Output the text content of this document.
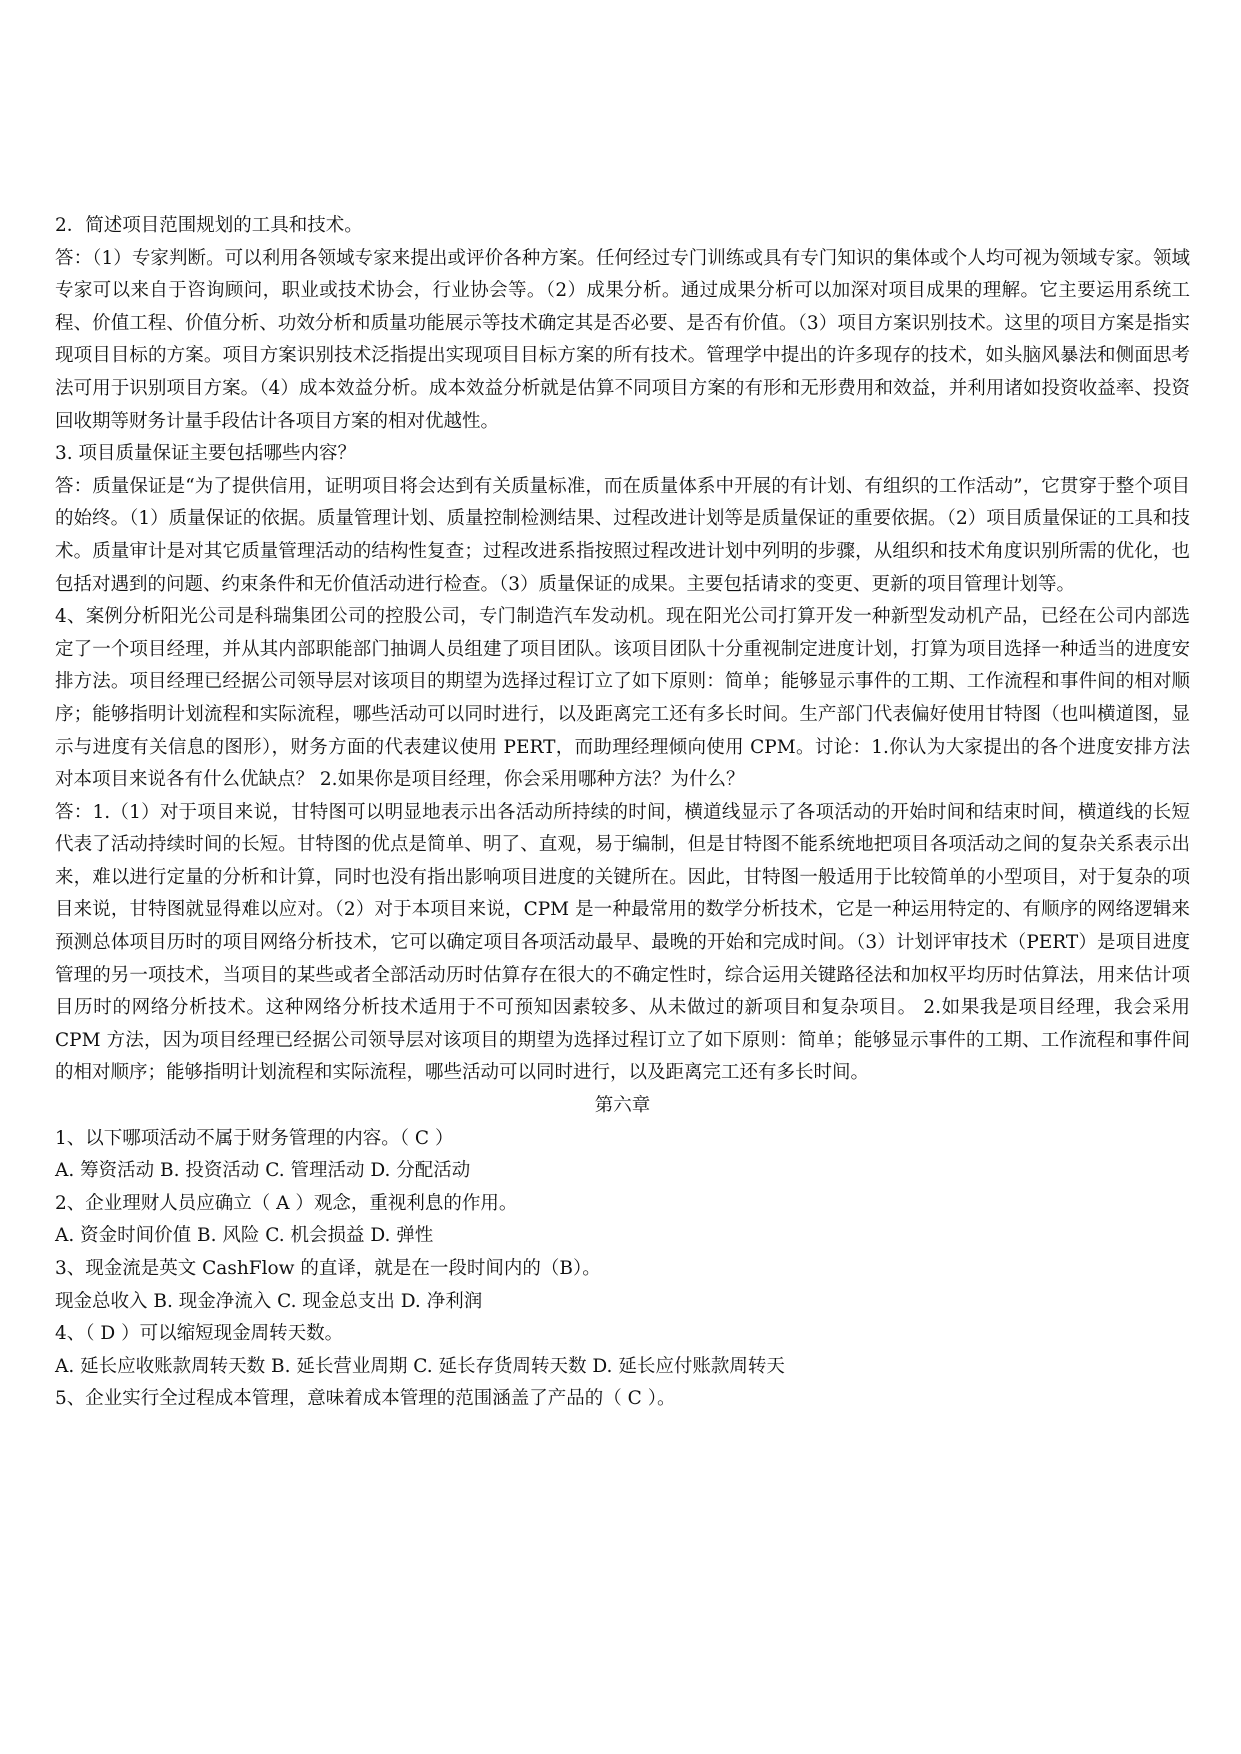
2．简述项目范围规划的工具和技术。

答：（1）专家判断。可以利用各领域专家来提出或评价各种方案。任何经过专门训练或具有专门知识的集体或个人均可视为领域专家。领域专家可以来自于咨询顾问，职业或技术协会，行业协会等。（2）成果分析。通过成果分析可以加深对项目成果的理解。它主要运用系统工程、价值工程、价值分析、功效分析和质量功能展示等技术确定其是否必要、是否有价值。（3）项目方案识别技术。这里的项目方案是指实现项目目标的方案。项目方案识别技术泛指提出实现项目目标方案的所有技术。管理学中提出的许多现存的技术，如头脑风暴法和侧面思考法可用于识别项目方案。（4）成本效益分析。成本效益分析就是估算不同项目方案的有形和无形费用和效益，并利用诸如投资收益率、投资回收期等财务计量手段估计各项目方案的相对优越性。

3. 项目质量保证主要包括哪些内容？

答：质量保证是“为了提供信用，证明项目将会达到有关质量标准，而在质量体系中开展的有计划、有组织的工作活动”，它贯穿于整个项目的始终。（1）质量保证的依据。质量管理计划、质量控制检测结果、过程改进计划等是质量保证的重要依据。（2）项目质量保证的工具和技术。质量审计是对其它质量管理活动的结构性复查；过程改进系指按照过程改进计划中列明的步骤，从组织和技术角度识别所需的优化，也包括对遇到的问题、约束条件和无价值活动进行检查。（3）质量保证的成果。主要包括请求的变更、更新的项目管理计划等。

4、案例分析阳光公司是科瑞集团公司的控股公司，专门制造汽车发动机。现在阳光公司打算开发一种新型发动机产品，已经在公司内部选定了一个项目经理，并从其内部职能部门抽调人员组建了项目团队。该项目团队十分重视制定进度计划，打算为项目选择一种适当的进度安排方法。项目经理已经据公司领导层对该项目的期望为选择过程订立了如下原则：简单；能够显示事件的工期、工作流程和事件间的相对顺序；能够指明计划流程和实际流程，哪些活动可以同时进行，以及距离完工还有多长时间。生产部门代表偏好使用甘特图（也叫横道图，显示与进度有关信息的图形），财务方面的代表建议使用 PERT，而助理经理倾向使用 CPM。讨论：1.你认为大家提出的各个进度安排方法对本项目来说各有什么优缺点？ 2.如果你是项目经理，你会采用哪种方法？为什么？

答：1.（1）对于项目来说，甘特图可以明显地表示出各活动所持续的时间，横道线显示了各项活动的开始时间和结束时间，横道线的长短代表了活动持续时间的长短。甘特图的优点是简单、明了、直观，易于编制，但是甘特图不能系统地把项目各项活动之间的复杂关系表示出来，难以进行定量的分析和计算，同时也没有指出影响项目进度的关键所在。因此，甘特图一般适用于比较简单的小型项目，对于复杂的项目来说，甘特图就显得难以应对。（2）对于本项目来说，CPM 是一种最常用的数学分析技术，它是一种运用特定的、有顺序的网络逻辑来预测总体项目历时的项目网络分析技术，它可以确定项目各项活动最早、最晚的开始和完成时间。（3）计划评审技术（PERT）是项目进度管理的另一项技术，当项目的某些或者全部活动历时估算存在很大的不确定性时，综合运用关键路径法和加权平均历时估算法，用来估计项目历时的网络分析技术。这种网络分析技术适用于不可预知因素较多、从未做过的新项目和复杂项目。 2.如果我是项目经理，我会采用 CPM 方法，因为项目经理已经据公司领导层对该项目的期望为选择过程订立了如下原则：简单；能够显示事件的工期、工作流程和事件间的相对顺序；能够指明计划流程和实际流程，哪些活动可以同时进行，以及距离完工还有多长时间。

第六章

1、以下哪项活动不属于财务管理的内容。（ C ）

A. 筹资活动 B. 投资活动 C. 管理活动 D. 分配活动

2、企业理财人员应确立（ A ）观念，重视利息的作用。

A. 资金时间价值 B. 风险 C. 机会损益 D. 弹性

3、现金流是英文 CashFlow 的直译，就是在一段时间内的（B）。

现金总收入 B. 现金净流入 C. 现金总支出 D. 净利润

4、（ D ）可以缩短现金周转天数。

A. 延长应收账款周转天数 B. 延长营业周期 C. 延长存货周转天数 D. 延长应付账款周转天

5、企业实行全过程成本管理，意味着成本管理的范围涵盖了产品的（ C ）。
